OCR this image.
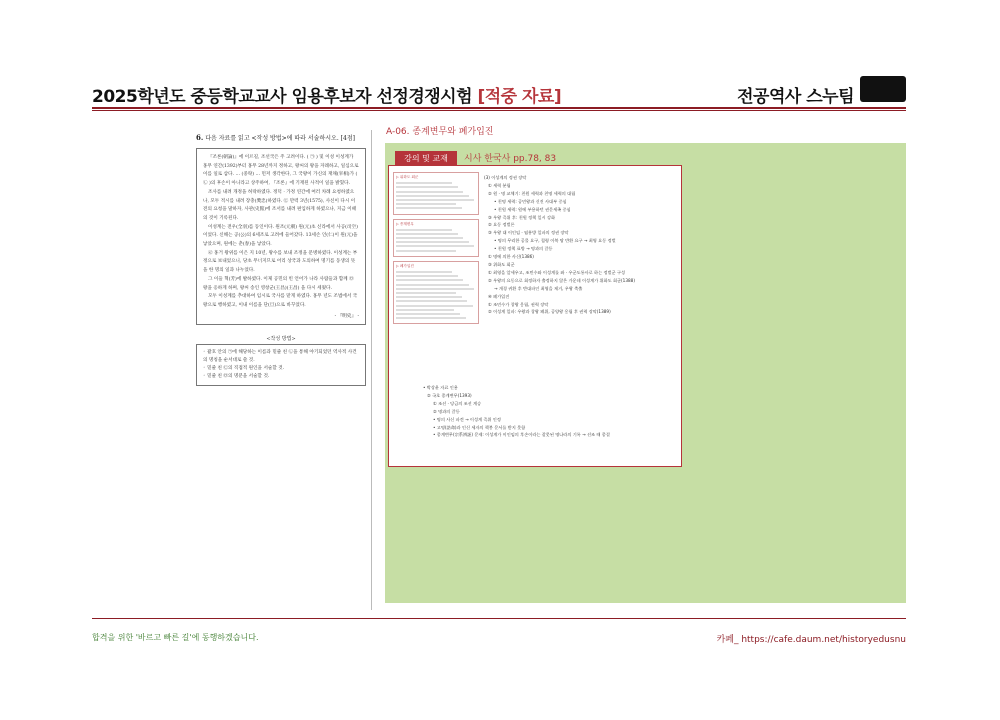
2025학년도 중등학교교사 임용후보자 선정경쟁시험 [적중 자료]	전공역사 스누팀
6. 다음 자료를 읽고 <작성 방법>에 따라 서술하시오. [4점]

『조론(朝論)』에 이르길, 조선국은 주 고려이다. ( ㉠ ) 및 이성 이성계가 홍무 연간(1392)부터 홍무 28년까지 정하고, 왕씨의 왕을 자례하고, 일심으로 이를 일로 삼다. … (중략) … 먼저 생각한다, 그 국왕이 가신의 재채(宰相)가 ( ㉡ )의 후손이 아니라고 상주하여, 『조론』에 기재된 사적이 일을 밝혔다.

조사를 내려 개정을 허락하였다. 정덕 · 가정 연간에 여러 차례 요청하였으나, 모두 적시를 내려 장충(奬忠)하였다. ㉢ 만력 3년(1575), 사신이 다시 이전의 요청을 말하자, 사관(史館)에 조서를 내려 편입하게 하였으나, 지금 이때의 것이 기록된다.

이성계는 전우(全羽)를 동인이다. 원조(元朝) 원(元)초 신라에서 사공(司空)이었다. 신해는 공(公)의 6세조로 고려에 들어갔다. 13세손 인(仁)이 원(元)을 낳았으며, 원에는 춘(春)을 낳았다.

㉣ 홍거 왕위를 이은 지 10년, 왕수를 보내 조정을 문병하였다. 이성계는 부정으로 보내었으니, 당초 무너지므로 어리 상국과 도의하여 명기를 동생의 뜻을 한 명의 일과 나누었다.

그 이들 혁(芳)에 발하였다. 이제 공민의 빈 언어가 나라 사람들과 함께 ㉤ 왕을 옹하게 하며, 왕씨 송인 영창군(王昌)(王昌) 을 다시 세웠다.

모두 이성계를 추대하여 임시로 국사를 맡게 하였다. 홍무 년도 조법에서 국왕으로 행하였고, 이내 이름을 단(旦)으로 바꾸었다.

- 『明史』 -
<작성 방법>
◦ 괄호 안의 ㉠에 해당하는 이름과 밑줄 친 ㉡을 통해 야기되었던 역사적 사건의 명칭을 순서대로 쓸 것.
◦ 밑줄 친 ㉢의 직접적 원인을 서술할 것.
◦ 밑줄 친 ㉤의 명분을 서술할 것.
A-06. 종계변무와 폐가입진
강의 및 교재	시사 한국사 pp.78, 83
▷ 위화도 회군
▷ 종계변무
▷ 폐가입진
(3) 이성계의 정권 장악
① 세력 분립
② 원 · 명 교체기: 친원 세력과 친명 세력의 대립
• 친명 세력: 공민왕과 신진 사대부 중심
• 친원 세력: 원에 부용하던 권문세족 중심
③ 우왕 즉위 후: 친원 정책 일시 강화
② 요동 정벌론
③ 우왕 대 이인임 · 염흥방 일파의 정권 장악
• 명의 무리한 공물 요구, 철령 이북 땅 반환 요구 → 최영 요동 정벌
• 친원 정책 표방 → 명과의 갈등
① 명에 의한 사신(1386)
③ 위화도 회군
① 최영을 앞세우고, 조민수와 이성계를 좌 · 우군도통사로 하는 정벌군 구성
② 우왕의 요동으로 회정하자 출정하지 않은 가운데 이성계가 위화도 회군(1388)
→ 개경 귀환 후 반대파인 최영을 제거, 우왕 축출
④ 폐가입진
① 조민수가 창왕 옹립, 권력 장악
② 이성계 일파: 우왕과 창왕 폐위, 공양왕 옹립 후 권력 장악(1389)
• 박상윤 자료 인용
② 국호 종계변무(1393)
① 조선 · 당금의 조선 계승
② 명과의 갈등
• 명의 사신 파견 → 이성계 즉위 인정
• 고명(誥命)과 인신 세자의 책봉 문서를 받지 못함
• 종계변무(宗系辨誣) 문제: 이성계가 이인임의 후손이라는 잘못된 명나라의 기록 → 선조 때 종결
합격을 위한 '바르고 빠른 길'에 동행하겠습니다.	카페_ https://cafe.daum.net/historyedusnu
